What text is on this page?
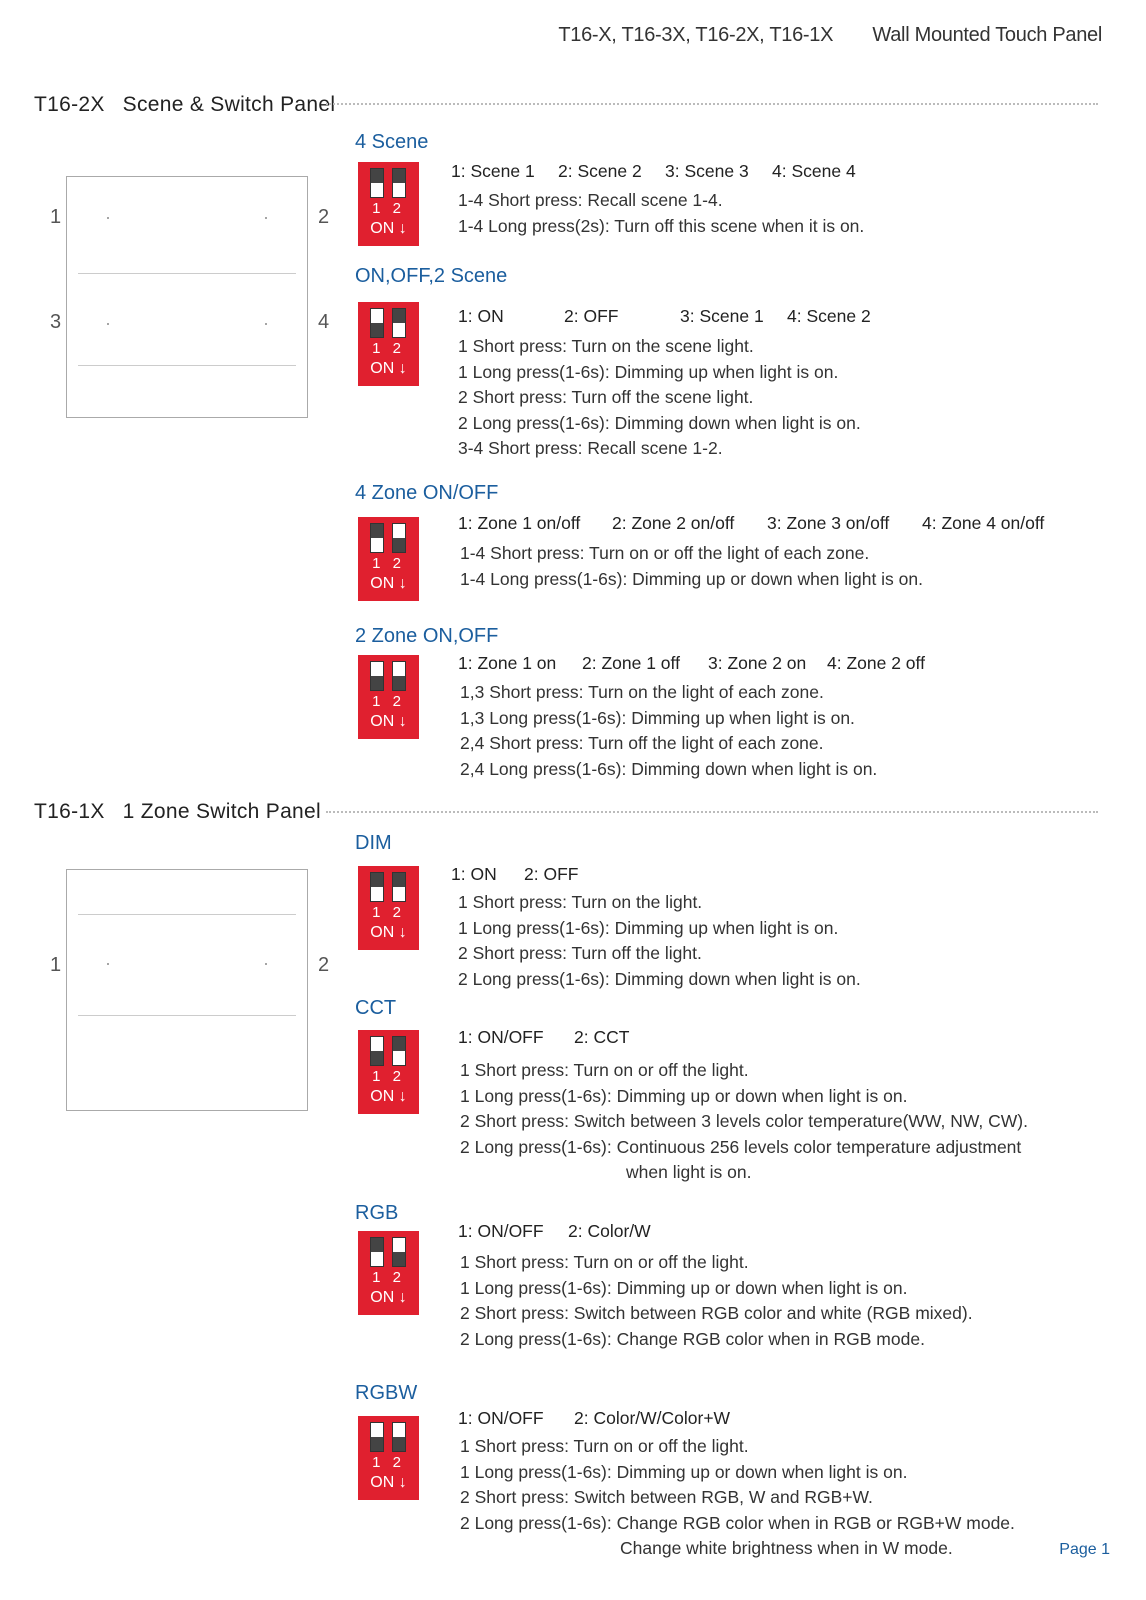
T16-X, T16-3X, T16-2X, T16-1X Wall Mounted Touch Panel
T16-2X Scene & Switch Panel
1	2
3	4
4 Scene
1 2
ON ↓
1: Scene 1 2: Scene 2 3: Scene 3 4: Scene 4
1-4 Short press: Recall scene 1-4.
1-4 Long press(2s): Turn off this scene when it is on.
ON,OFF,2 Scene
1 2
ON ↓
1: ON	2: OFF	3: Scene 1 4: Scene 2
1 Short press: Turn on the scene light.
1 Long press(1-6s): Dimming up when light is on.
2 Short press: Turn off the scene light.
2 Long press(1-6s): Dimming down when light is on.
3-4 Short press: Recall scene 1-2.
4 Zone ON/OFF
1 2
ON ↓
1: Zone 1 on/off 2: Zone 2 on/off 3: Zone 3 on/off 4: Zone 4 on/off
1-4 Short press: Turn on or off the light of each zone.
1-4 Long press(1-6s): Dimming up or down when light is on.
2 Zone ON,OFF
1 2
ON ↓
1: Zone 1 on 2: Zone 1 off 3: Zone 2 on 4: Zone 2 off
1,3 Short press: Turn on the light of each zone.
1,3 Long press(1-6s): Dimming up when light is on.
2,4 Short press: Turn off the light of each zone.
2,4 Long press(1-6s): Dimming down when light is on.
T16-1X 1 Zone Switch Panel
1	2
DIM
1 2
ON ↓
1: ON 2: OFF
1 Short press: Turn on the light.
1 Long press(1-6s): Dimming up when light is on.
2 Short press: Turn off the light.
2 Long press(1-6s): Dimming down when light is on.
CCT
1 2
ON ↓
1: ON/OFF 2: CCT
1 Short press: Turn on or off the light.
1 Long press(1-6s): Dimming up or down when light is on.
2 Short press: Switch between 3 levels color temperature(WW, NW, CW).
2 Long press(1-6s): Continuous 256 levels color temperature adjustment
when light is on.
RGB
1 2
ON ↓
1: ON/OFF 2: Color/W
1 Short press: Turn on or off the light.
1 Long press(1-6s): Dimming up or down when light is on.
2 Short press: Switch between RGB color and white (RGB mixed).
2 Long press(1-6s): Change RGB color when in RGB mode.
RGBW
1 2
ON ↓
1: ON/OFF 2: Color/W/Color+W
1 Short press: Turn on or off the light.
1 Long press(1-6s): Dimming up or down when light is on.
2 Short press: Switch between RGB, W and RGB+W.
2 Long press(1-6s): Change RGB color when in RGB or RGB+W mode.
Change white brightness when in W mode.	Page 1
